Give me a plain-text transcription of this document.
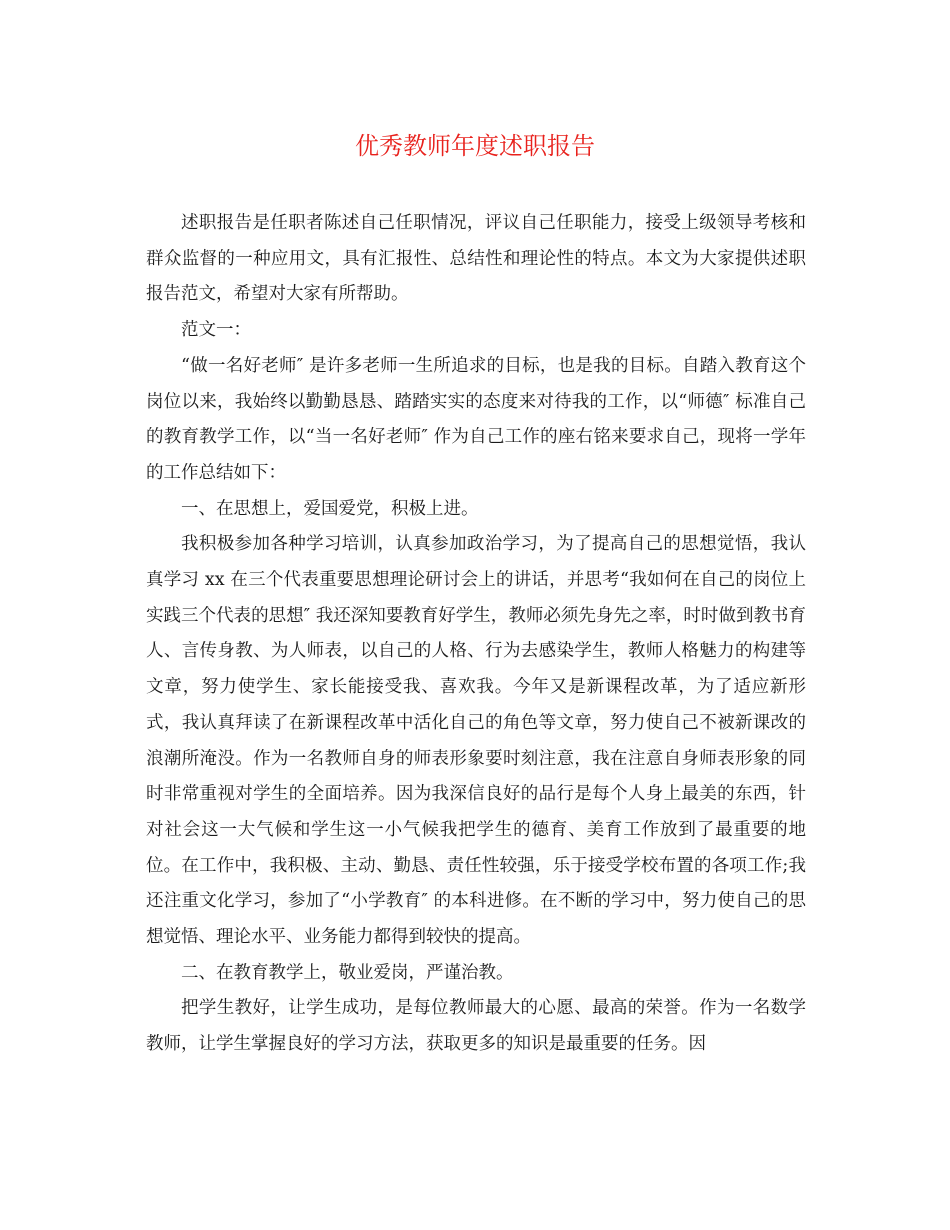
优秀教师年度述职报告

述职报告是任职者陈述自己任职情况，评议自己任职能力，接受上级领导考核和群众监督的一种应用文，具有汇报性、总结性和理论性的特点。本文为大家提供述职报告范文，希望对大家有所帮助。

范文一：

“做一名好老师″ 是许多老师一生所追求的目标，也是我的目标。自踏入教育这个岗位以来，我始终以勤勤恳恳、踏踏实实的态度来对待我的工作，以“师德″ 标准自己的教育教学工作，以“当一名好老师″ 作为自己工作的座右铭来要求自己，现将一学年的工作总结如下：

一、在思想上，爱国爱党，积极上进。

我积极参加各种学习培训，认真参加政治学习，为了提高自己的思想觉悟，我认真学习 xx 在三个代表重要思想理论研讨会上的讲话，并思考“我如何在自己的岗位上实践三个代表的思想″ 我还深知要教育好学生，教师必须先身先之率，时时做到教书育人、言传身教、为人师表，以自己的人格、行为去感染学生，教师人格魅力的构建等文章，努力使学生、家长能接受我、喜欢我。今年又是新课程改革，为了适应新形式，我认真拜读了在新课程改革中活化自己的角色等文章，努力使自己不被新课改的浪潮所淹没。作为一名教师自身的师表形象要时刻注意，我在注意自身师表形象的同时非常重视对学生的全面培养。因为我深信良好的品行是每个人身上最美的东西，针对社会这一大气候和学生这一小气候我把学生的德育、美育工作放到了最重要的地位。在工作中，我积极、主动、勤恳、责任性较强，乐于接受学校布置的各项工作;我还注重文化学习，参加了“小学教育″ 的本科进修。在不断的学习中，努力使自己的思想觉悟、理论水平、业务能力都得到较快的提高。

二、在教育教学上，敬业爱岗，严谨治教。

把学生教好，让学生成功，是每位教师最大的心愿、最高的荣誉。作为一名数学教师，让学生掌握良好的学习方法，获取更多的知识是最重要的任务。因
